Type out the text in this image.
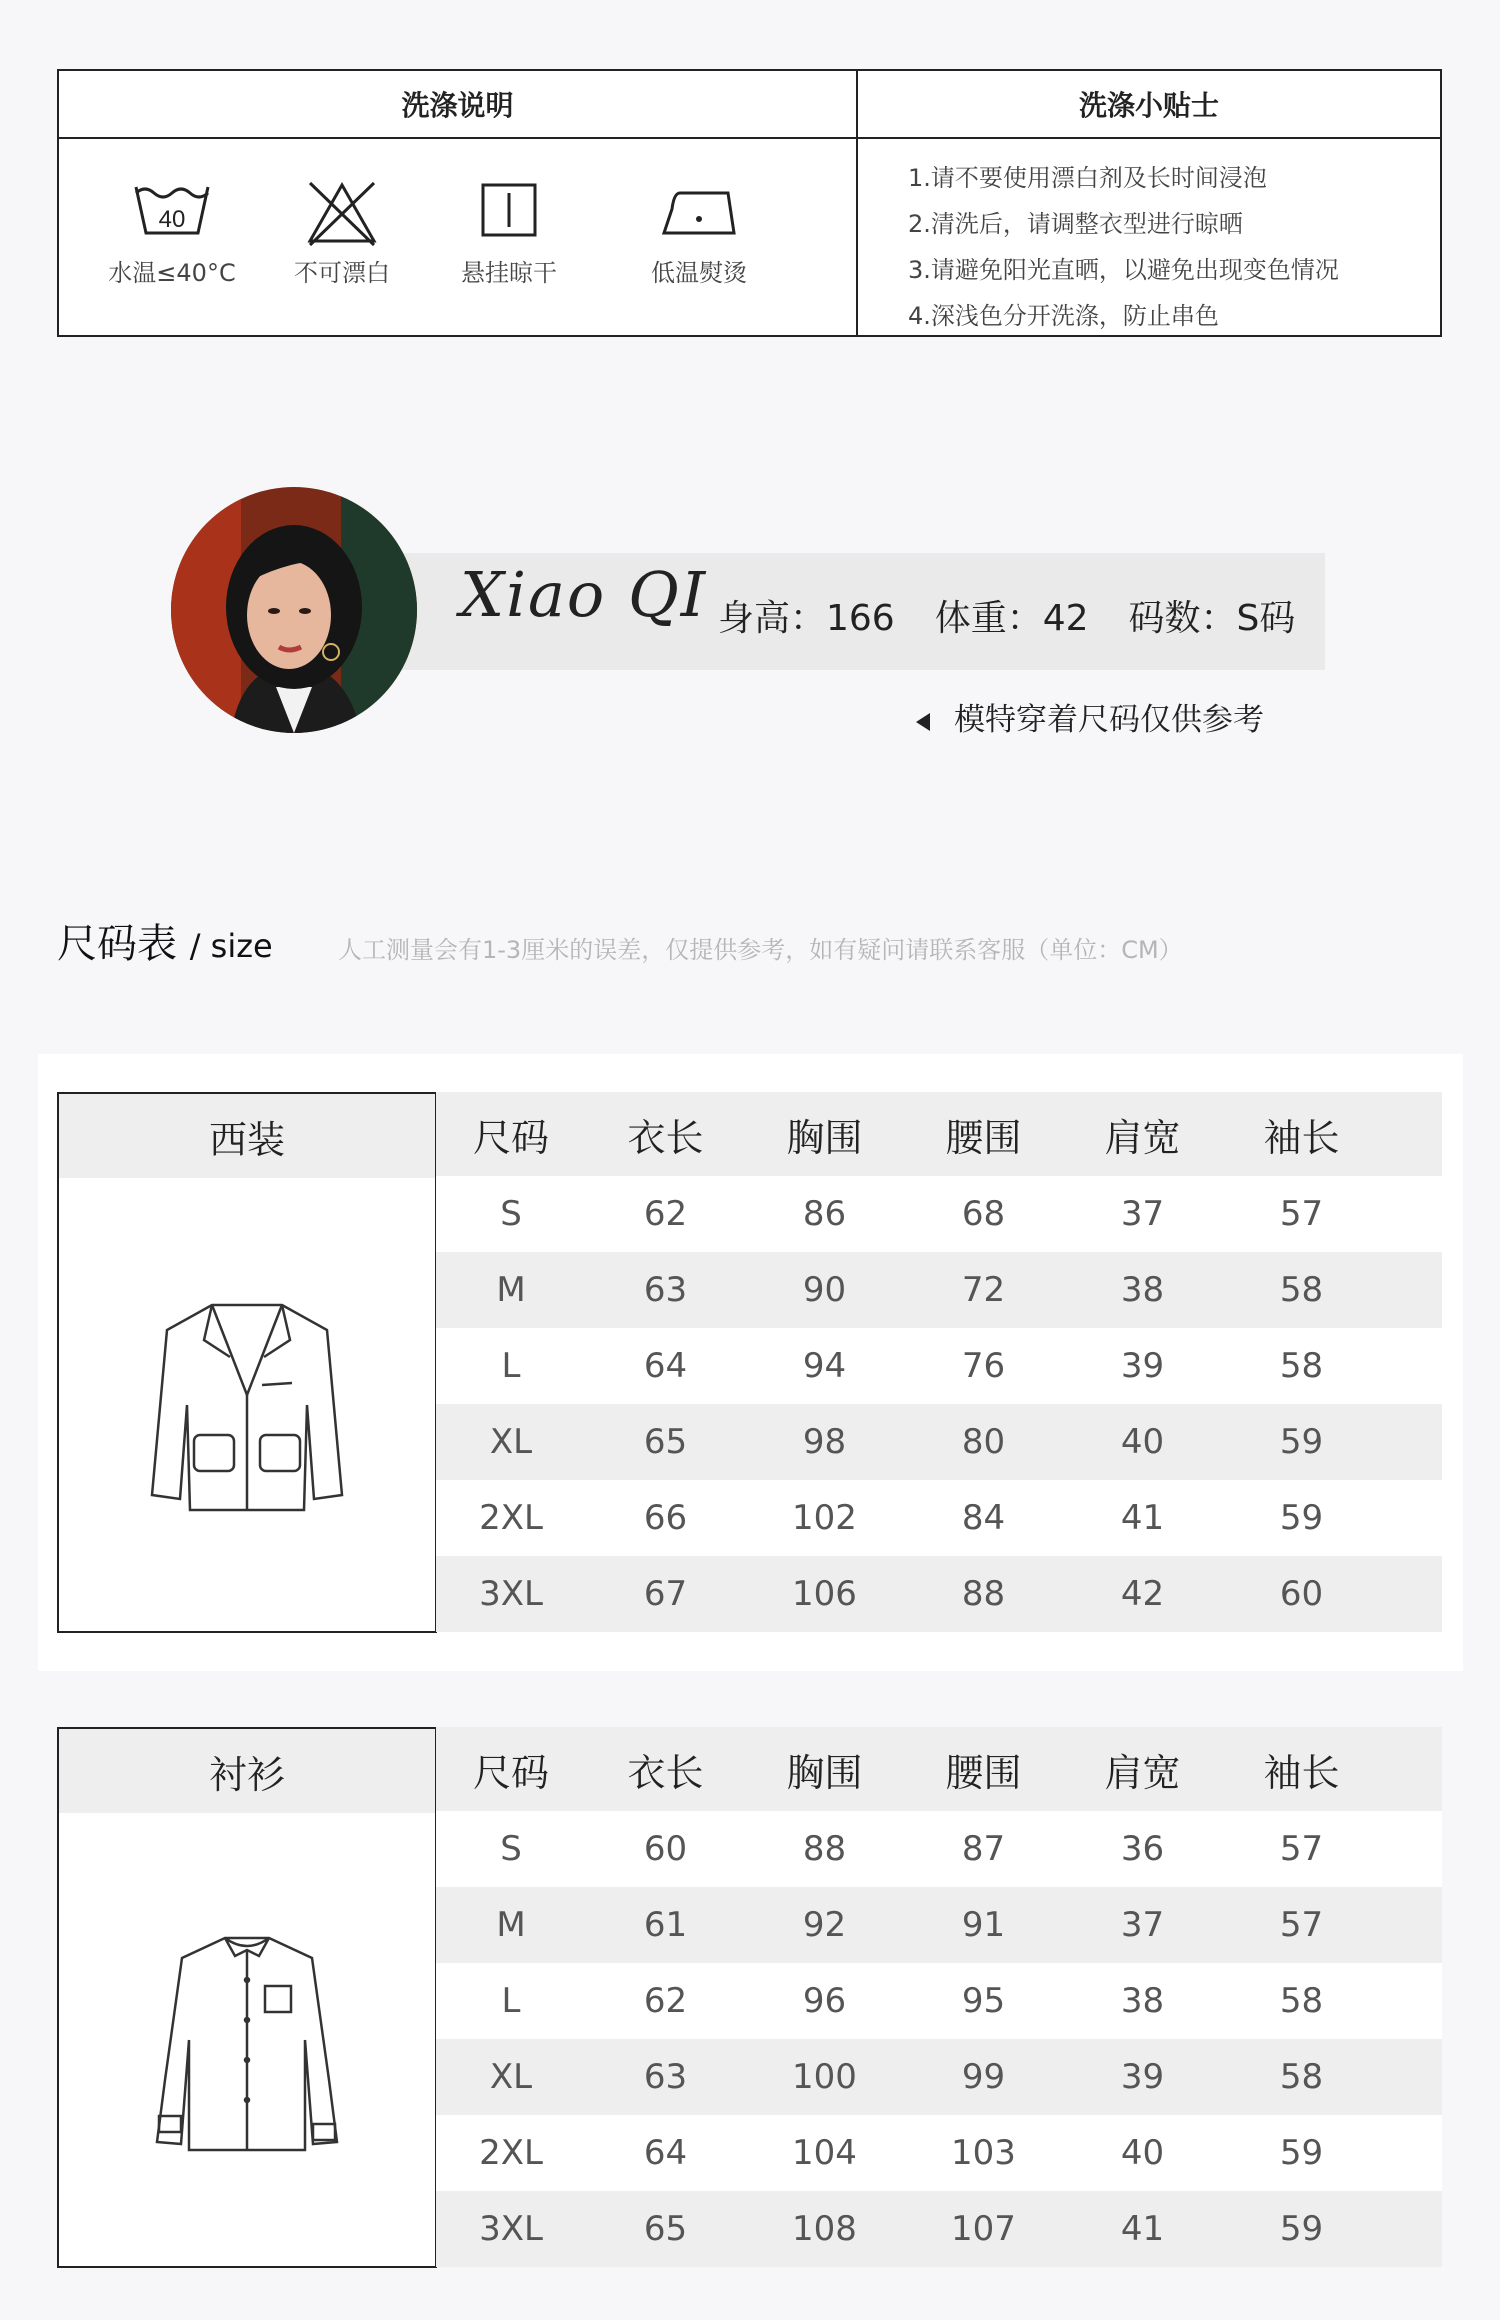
洗涤说明
40
水温≤40°C	不可漂白	悬挂晾干	低温熨烫
洗涤小贴士
1.请不要使用漂白剂及长时间浸泡
2.清洗后，请调整衣型进行晾晒
3.请避免阳光直晒，以避免出现变色情况
4.深浅色分开洗涤，防止串色
Xiao QI 身高：166 体重：42 码数：S码
模特穿着尺码仅供参考
尺码表 / size	人工测量会有1-3厘米的误差，仅提供参考，如有疑问请联系客服（单位：CM）
西装	尺码	衣长	胸围	腰围	肩宽	袖长
S	62	86	68	37	57
M	63	90	72	38	58
L	64	94	76	39	58
XL	65	98	80	40	59
2XL	66	102	84	41	59
3XL	67	106	88	42	60
衬衫	尺码	衣长	胸围	腰围	肩宽	袖长
S	60	88	87	36	57
M	61	92	91	37	57
L	62	96	95	38	58
XL	63	100	99	39	58
2XL	64	104	103	40	59
3XL	65	108	107	41	59
